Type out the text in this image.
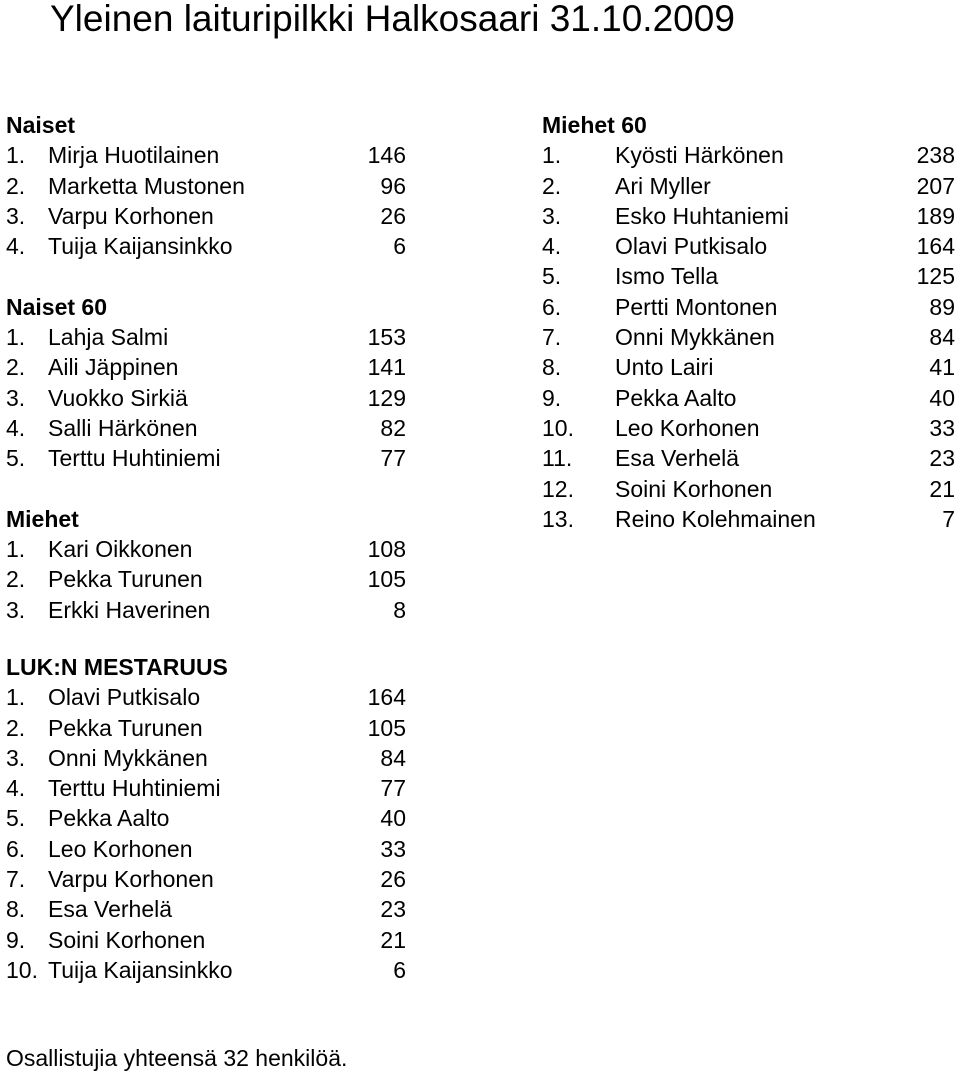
Yleinen laituripilkki Halkosaari 31.10.2009
Naiset
1. Mirja Huotilainen	146
2. Marketta Mustonen	96
3. Varpu Korhonen	26
4. Tuija Kaijansinkko	6
Naiset 60
1. Lahja Salmi	153
2. Aili Jäppinen	141
3. Vuokko Sirkiä	129
4. Salli Härkönen	82
5. Terttu Huhtiniemi	77
Miehet
1. Kari Oikkonen	108
2. Pekka Turunen	105
3. Erkki Haverinen	8
Miehet 60
1. Kyösti Härkönen	238
2. Ari Myller	207
3. Esko Huhtaniemi	189
4. Olavi Putkisalo	164
5. Ismo Tella	125
6. Pertti Montonen	89
7. Onni Mykkänen	84
8. Unto Lairi	41
9. Pekka Aalto	40
10. Leo Korhonen	33
11. Esa Verhelä	23
12. Soini Korhonen	21
13. Reino Kolehmainen	7
LUK:N MESTARUUS
1. Olavi Putkisalo	164
2. Pekka Turunen	105
3. Onni Mykkänen	84
4. Terttu Huhtiniemi	77
5. Pekka Aalto	40
6. Leo Korhonen	33
7. Varpu Korhonen	26
8. Esa Verhelä	23
9. Soini Korhonen	21
10. Tuija Kaijansinkko	6
Osallistujia yhteensä 32 henkilöä.
